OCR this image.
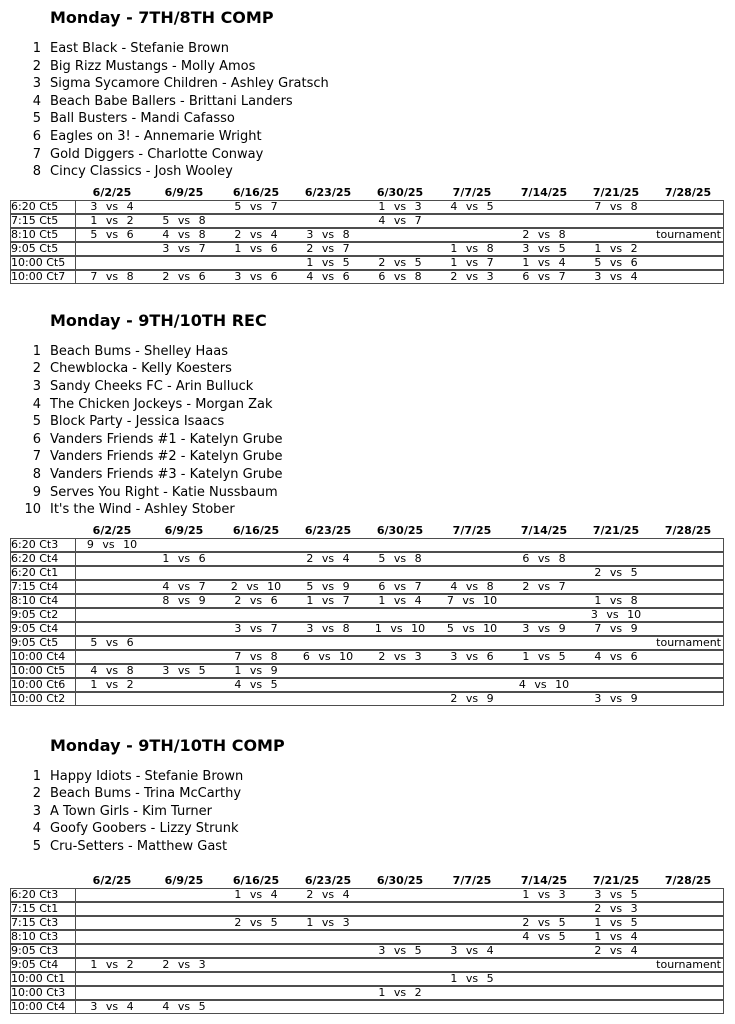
Monday - 7TH/8TH COMP
1 East Black - Stefanie Brown
2 Big Rizz Mustangs - Molly Amos
3 Sigma Sycamore Children - Ashley Gratsch
4 Beach Babe Ballers - Brittani Landers
5 Ball Busters - Mandi Cafasso
6 Eagles on 3! - Annemarie Wright
7 Gold Diggers - Charlotte Conway
8 Cincy Classics - Josh Wooley
	6/2/25	6/9/25	6/16/25	6/23/25	6/30/25	7/7/25	7/14/25	7/21/25	7/28/25
6:20 Ct5	3 vs 4		5 vs 7		1 vs 3	4 vs 5		7 vs 8	
7:15 Ct5	1 vs 2	5 vs 8			4 vs 7				
8:10 Ct5	5 vs 6	4 vs 8	2 vs 4	3 vs 8			2 vs 8		tournament
9:05 Ct5		3 vs 7	1 vs 6	2 vs 7		1 vs 8	3 vs 5	1 vs 2	
10:00 Ct5				1 vs 5	2 vs 5	1 vs 7	1 vs 4	5 vs 6	
10:00 Ct7	7 vs 8	2 vs 6	3 vs 6	4 vs 6	6 vs 8	2 vs 3	6 vs 7	3 vs 4	
Monday - 9TH/10TH REC
1 Beach Bums - Shelley Haas
2 Chewblocka - Kelly Koesters
3 Sandy Cheeks FC - Arin Bulluck
4 The Chicken Jockeys - Morgan Zak
5 Block Party - Jessica Isaacs
6 Vanders Friends #1 - Katelyn Grube
7 Vanders Friends #2 - Katelyn Grube
8 Vanders Friends #3 - Katelyn Grube
9 Serves You Right - Katie Nussbaum
10 It's the Wind - Ashley Stober
	6/2/25	6/9/25	6/16/25	6/23/25	6/30/25	7/7/25	7/14/25	7/21/25	7/28/25
6:20 Ct3	9 vs 10								
6:20 Ct4		1 vs 6		2 vs 4	5 vs 8		6 vs 8		
6:20 Ct1								2 vs 5	
7:15 Ct4		4 vs 7	2 vs 10	5 vs 9	6 vs 7	4 vs 8	2 vs 7		
8:10 Ct4		8 vs 9	2 vs 6	1 vs 7	1 vs 4	7 vs 10		1 vs 8	
9:05 Ct2								3 vs 10	
9:05 Ct4			3 vs 7	3 vs 8	1 vs 10	5 vs 10	3 vs 9	7 vs 9	
9:05 Ct5	5 vs 6								tournament
10:00 Ct4			7 vs 8	6 vs 10	2 vs 3	3 vs 6	1 vs 5	4 vs 6	
10:00 Ct5	4 vs 8	3 vs 5	1 vs 9						
10:00 Ct6	1 vs 2		4 vs 5				4 vs 10		
10:00 Ct2						2 vs 9		3 vs 9	
Monday - 9TH/10TH COMP
1 Happy Idiots - Stefanie Brown
2 Beach Bums - Trina McCarthy
3 A Town Girls - Kim Turner
4 Goofy Goobers - Lizzy Strunk
5 Cru-Setters - Matthew Gast
	6/2/25	6/9/25	6/16/25	6/23/25	6/30/25	7/7/25	7/14/25	7/21/25	7/28/25
6:20 Ct3			1 vs 4	2 vs 4			1 vs 3	3 vs 5	
7:15 Ct1								2 vs 3	
7:15 Ct3			2 vs 5	1 vs 3			2 vs 5	1 vs 5	
8:10 Ct3							4 vs 5	1 vs 4	
9:05 Ct3					3 vs 5	3 vs 4		2 vs 4	
9:05 Ct4	1 vs 2	2 vs 3							tournament
10:00 Ct1						1 vs 5			
10:00 Ct3					1 vs 2				
10:00 Ct4	3 vs 4	4 vs 5							
